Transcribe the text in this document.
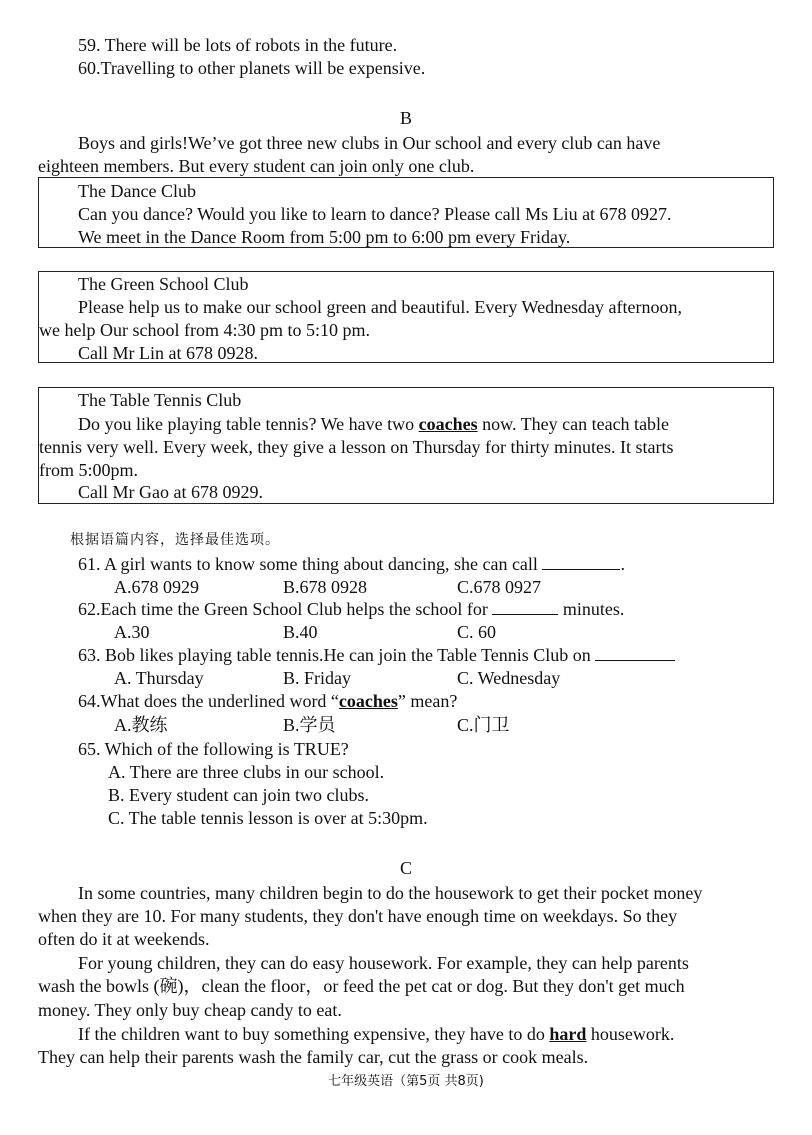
59. There will be lots of robots in the future.
60.Travelling to other planets will be expensive.
B
Boys and girls!We’ve got three new clubs in Our school and every club can have
eighteen members. But every student can join only one club.
The Dance Club
Can you dance? Would you like to learn to dance? Please call Ms Liu at 678 0927.
We meet in the Dance Room from 5:00 pm to 6:00 pm every Friday.
The Green School Club
Please help us to make our school green and beautiful. Every Wednesday afternoon,
we help Our school from 4:30 pm to 5:10 pm.
Call Mr Lin at 678 0928.
The Table Tennis Club
Do you like playing table tennis? We have two coaches now. They can teach table
tennis very well. Every week, they give a lesson on Thursday for thirty minutes. It starts
from 5:00pm.
Call Mr Gao at 678 0929.
根据语篇内容，选择最佳选项。
61. A girl wants to know some thing about dancing, she can call	.
A.678 0929	B.678 0928	C.678 0927
62.Each time the Green School Club helps the school for	minutes.
A.30	B.40	C. 60
63. Bob likes playing table tennis.He can join the Table Tennis Club on
A. Thursday	B. Friday	C. Wednesday
64.What does the underlined word “coaches” mean?
A.教练	B.学员	C.门卫
65. Which of the following is TRUE?
A. There are three clubs in our school.
B. Every student can join two clubs.
C. The table tennis lesson is over at 5:30pm.
C
In some countries, many children begin to do the housework to get their pocket money
when they are 10. For many students, they don't have enough time on weekdays. So they
often do it at weekends.
For young children, they can do easy housework. For example, they can help parents
wash the bowls (碗)，clean the floor，or feed the pet cat or dog. But they don't get much
money. They only buy cheap candy to eat.
If the children want to buy something expensive, they have to do hard housework.
They can help their parents wash the family car, cut the grass or cook meals.
七年级英语（第5页 共8页)
